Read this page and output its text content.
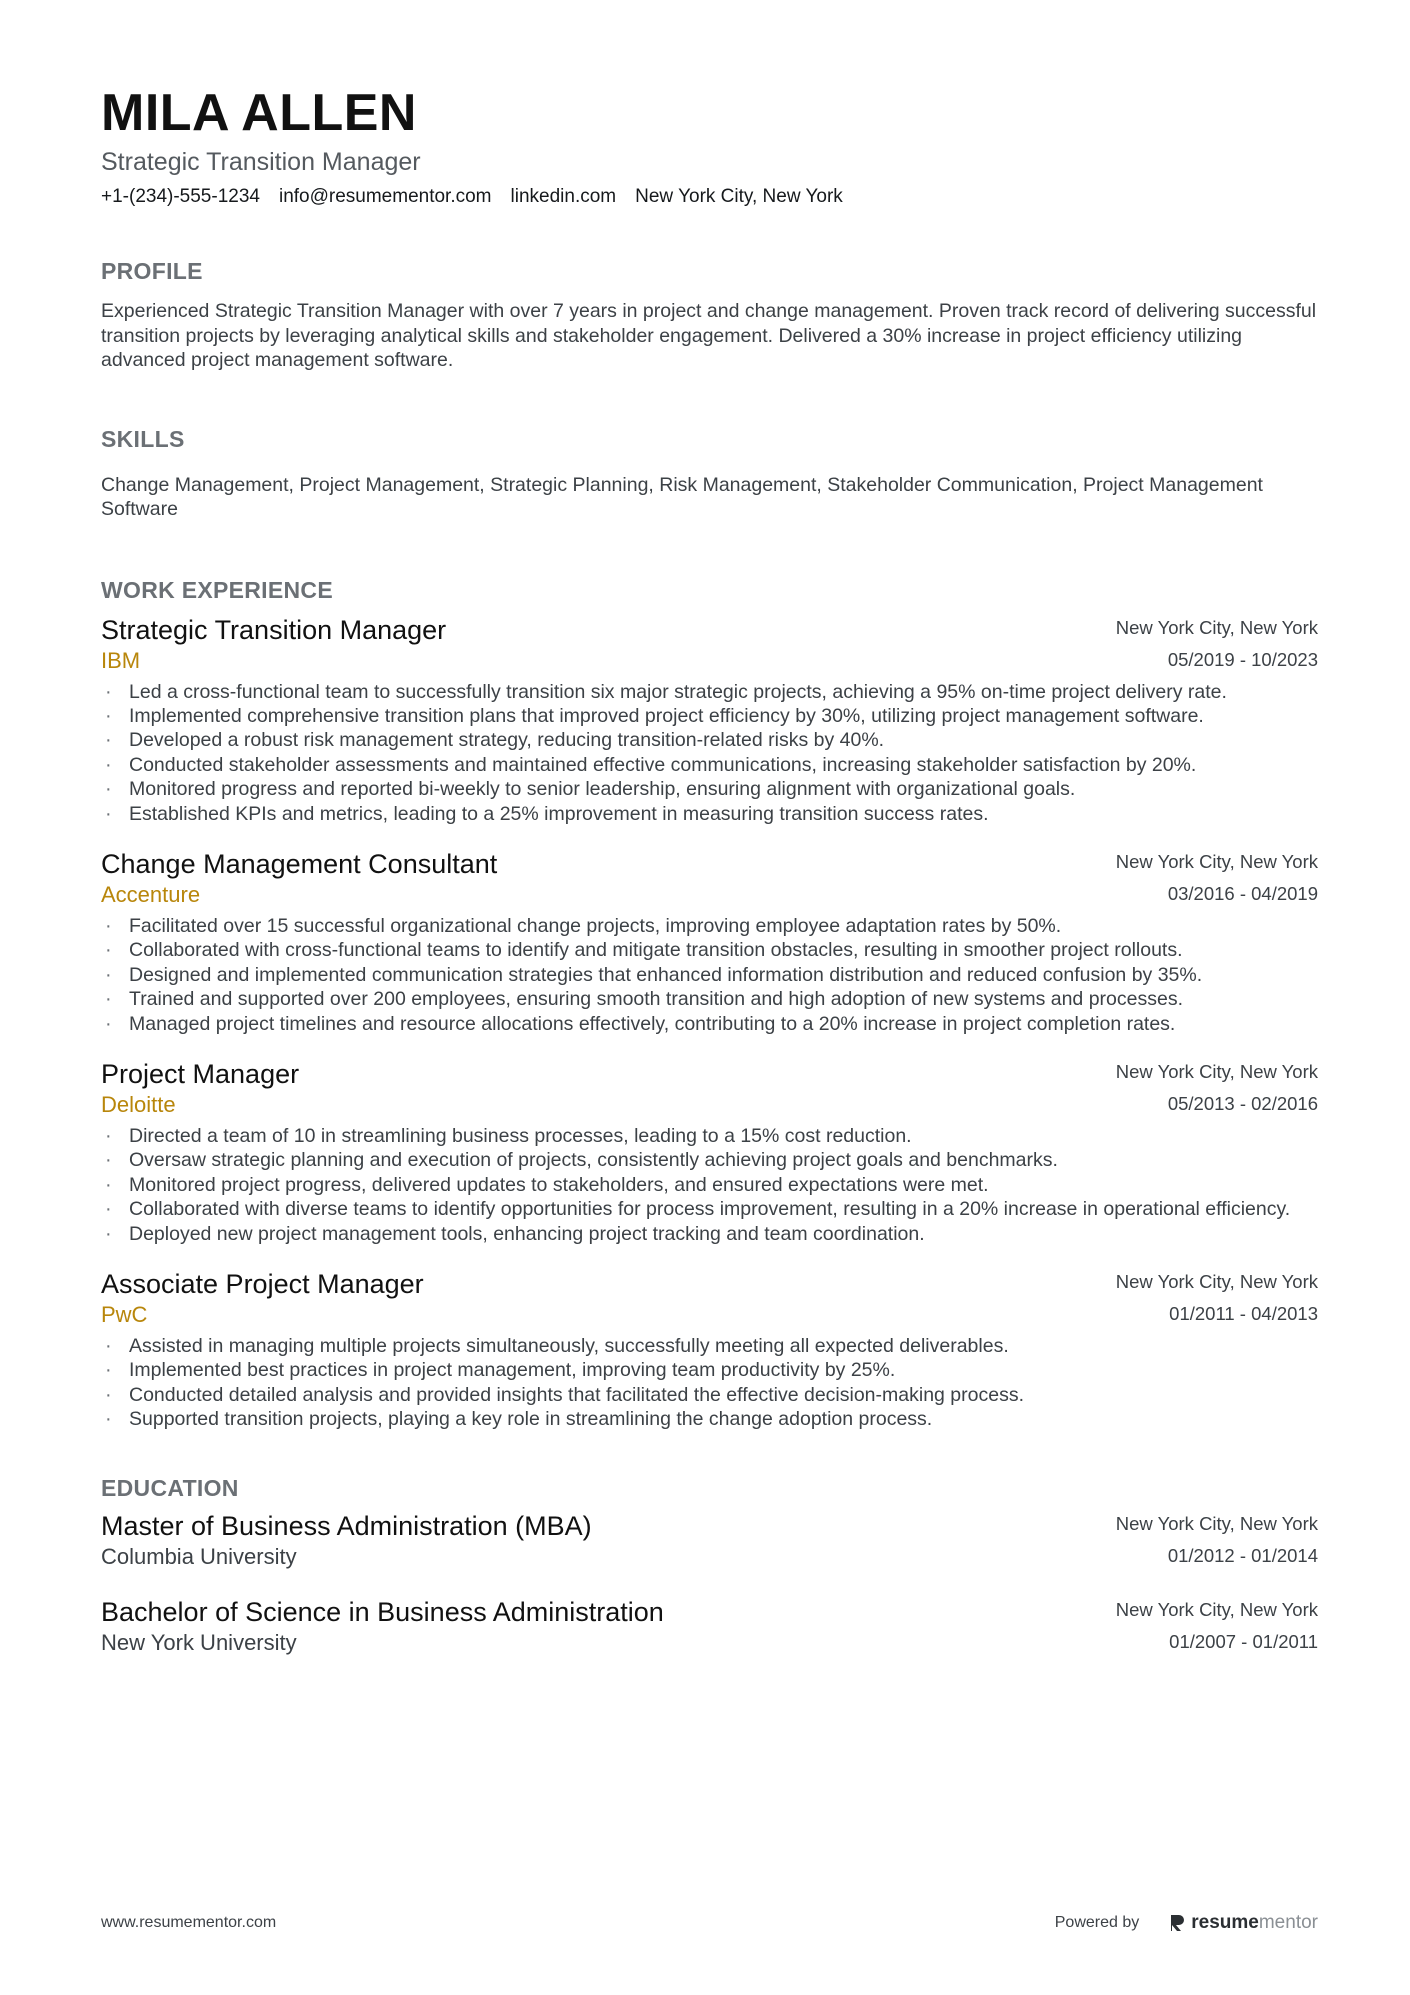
MILA ALLEN
Strategic Transition Manager
+1-(234)-555-1234 info@resumementor.com linkedin.com New York City, New York
PROFILE
Experienced Strategic Transition Manager with over 7 years in project and change management. Proven track record of delivering successful transition projects by leveraging analytical skills and stakeholder engagement. Delivered a 30% increase in project efficiency utilizing advanced project management software.
SKILLS
Change Management, Project Management, Strategic Planning, Risk Management, Stakeholder Communication, Project Management Software
WORK EXPERIENCE
Strategic Transition Manager	New York City, New York
IBM	05/2019 - 10/2023
· Led a cross-functional team to successfully transition six major strategic projects, achieving a 95% on-time project delivery rate.
· Implemented comprehensive transition plans that improved project efficiency by 30%, utilizing project management software.
· Developed a robust risk management strategy, reducing transition-related risks by 40%.
· Conducted stakeholder assessments and maintained effective communications, increasing stakeholder satisfaction by 20%.
· Monitored progress and reported bi-weekly to senior leadership, ensuring alignment with organizational goals.
· Established KPIs and metrics, leading to a 25% improvement in measuring transition success rates.
Change Management Consultant	New York City, New York
Accenture	03/2016 - 04/2019
· Facilitated over 15 successful organizational change projects, improving employee adaptation rates by 50%.
· Collaborated with cross-functional teams to identify and mitigate transition obstacles, resulting in smoother project rollouts.
· Designed and implemented communication strategies that enhanced information distribution and reduced confusion by 35%.
· Trained and supported over 200 employees, ensuring smooth transition and high adoption of new systems and processes.
· Managed project timelines and resource allocations effectively, contributing to a 20% increase in project completion rates.
Project Manager	New York City, New York
Deloitte	05/2013 - 02/2016
· Directed a team of 10 in streamlining business processes, leading to a 15% cost reduction.
· Oversaw strategic planning and execution of projects, consistently achieving project goals and benchmarks.
· Monitored project progress, delivered updates to stakeholders, and ensured expectations were met.
· Collaborated with diverse teams to identify opportunities for process improvement, resulting in a 20% increase in operational efficiency.
· Deployed new project management tools, enhancing project tracking and team coordination.
Associate Project Manager	New York City, New York
PwC	01/2011 - 04/2013
· Assisted in managing multiple projects simultaneously, successfully meeting all expected deliverables.
· Implemented best practices in project management, improving team productivity by 25%.
· Conducted detailed analysis and provided insights that facilitated the effective decision-making process.
· Supported transition projects, playing a key role in streamlining the change adoption process.
EDUCATION
Master of Business Administration (MBA)	New York City, New York
Columbia University	01/2012 - 01/2014
Bachelor of Science in Business Administration	New York City, New York
New York University	01/2007 - 01/2011
www.resumementor.com	Powered by	resumementor
